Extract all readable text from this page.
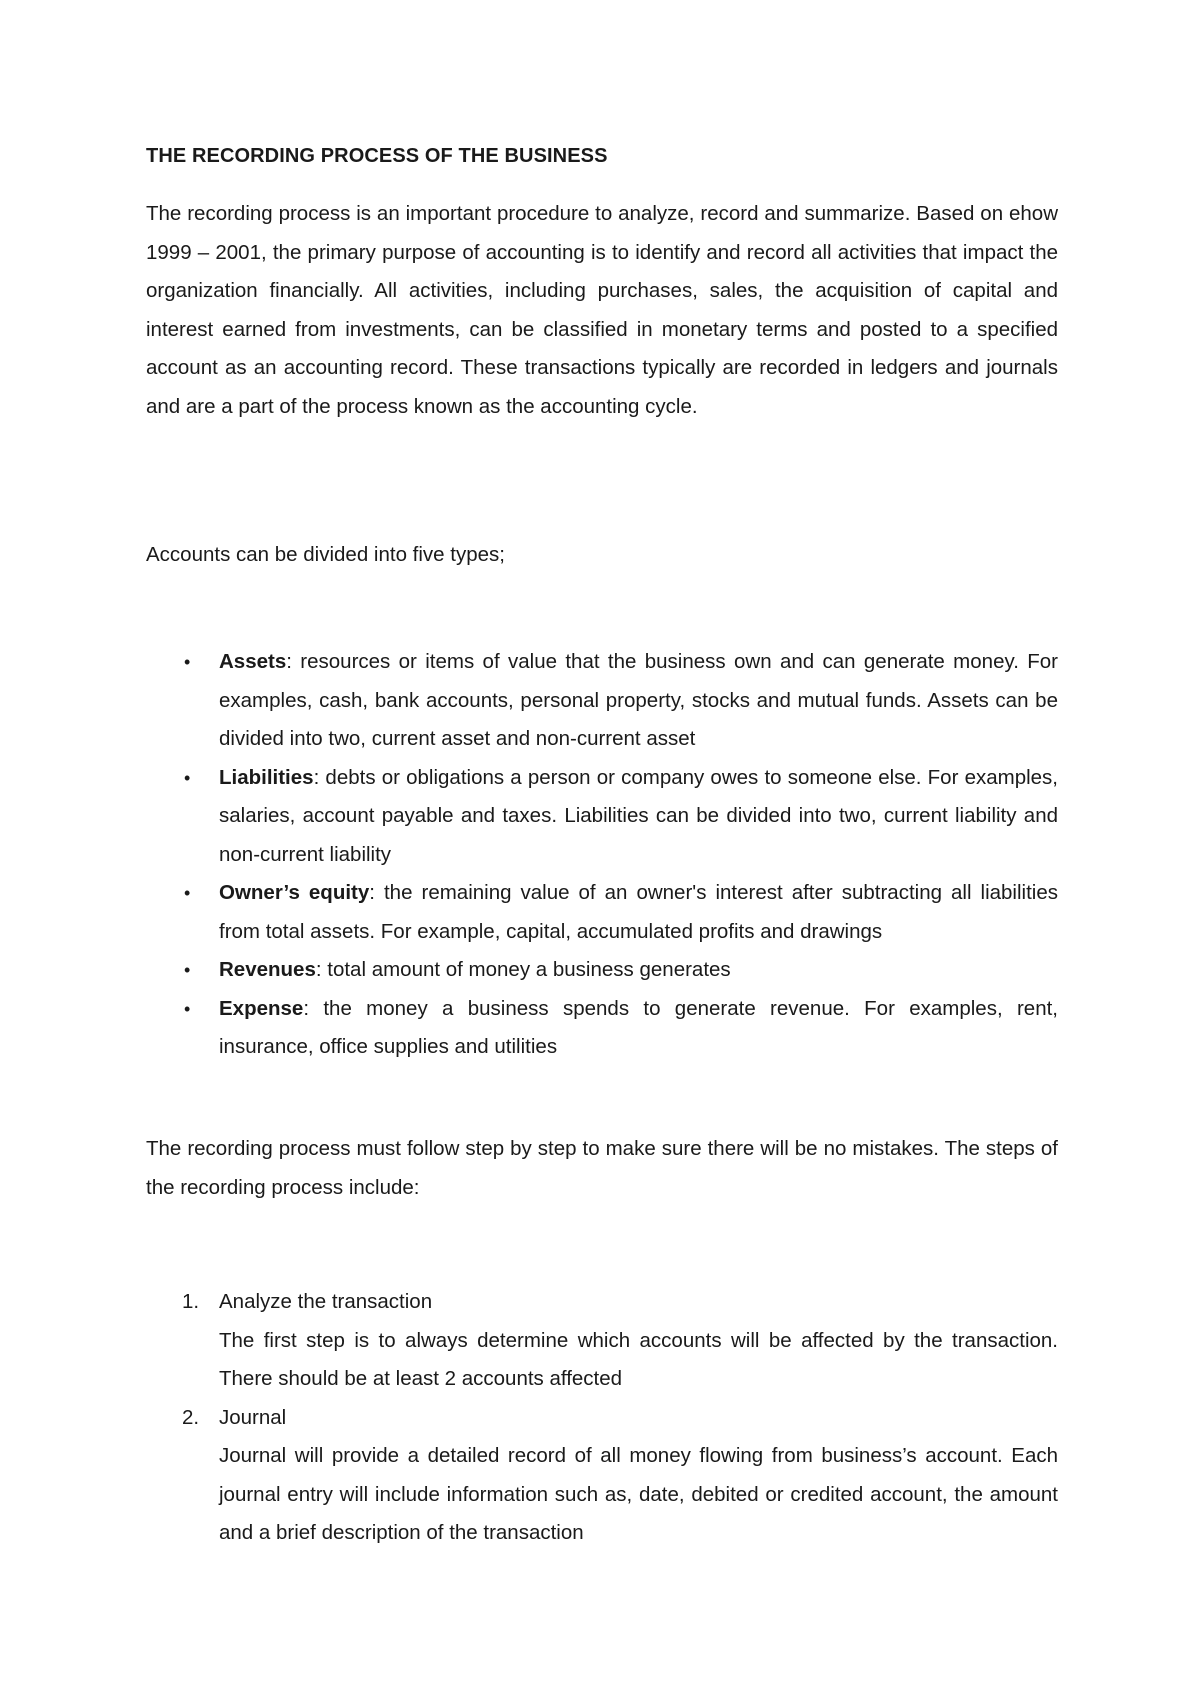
THE RECORDING PROCESS OF THE BUSINESS

The recording process is an important procedure to analyze, record and summarize. Based on ehow 1999 – 2001, the primary purpose of accounting is to identify and record all activities that impact the organization financially. All activities, including purchases, sales, the acquisition of capital and interest earned from investments, can be classified in monetary terms and posted to a specified account as an accounting record. These transactions typically are recorded in ledgers and journals and are a part of the process known as the accounting cycle.

Accounts can be divided into five types;

• Assets: resources or items of value that the business own and can generate money. For examples, cash, bank accounts, personal property, stocks and mutual funds. Assets can be divided into two, current asset and non-current asset
• Liabilities: debts or obligations a person or company owes to someone else. For examples, salaries, account payable and taxes. Liabilities can be divided into two, current liability and non-current liability
• Owner’s equity: the remaining value of an owner's interest after subtracting all liabilities from total assets. For example, capital, accumulated profits and drawings
• Revenues: total amount of money a business generates
• Expense: the money a business spends to generate revenue. For examples, rent, insurance, office supplies and utilities

The recording process must follow step by step to make sure there will be no mistakes. The steps of the recording process include:

1. Analyze the transaction
The first step is to always determine which accounts will be affected by the transaction. There should be at least 2 accounts affected
2. Journal
Journal will provide a detailed record of all money flowing from business’s account. Each journal entry will include information such as, date, debited or credited account, the amount and a brief description of the transaction
